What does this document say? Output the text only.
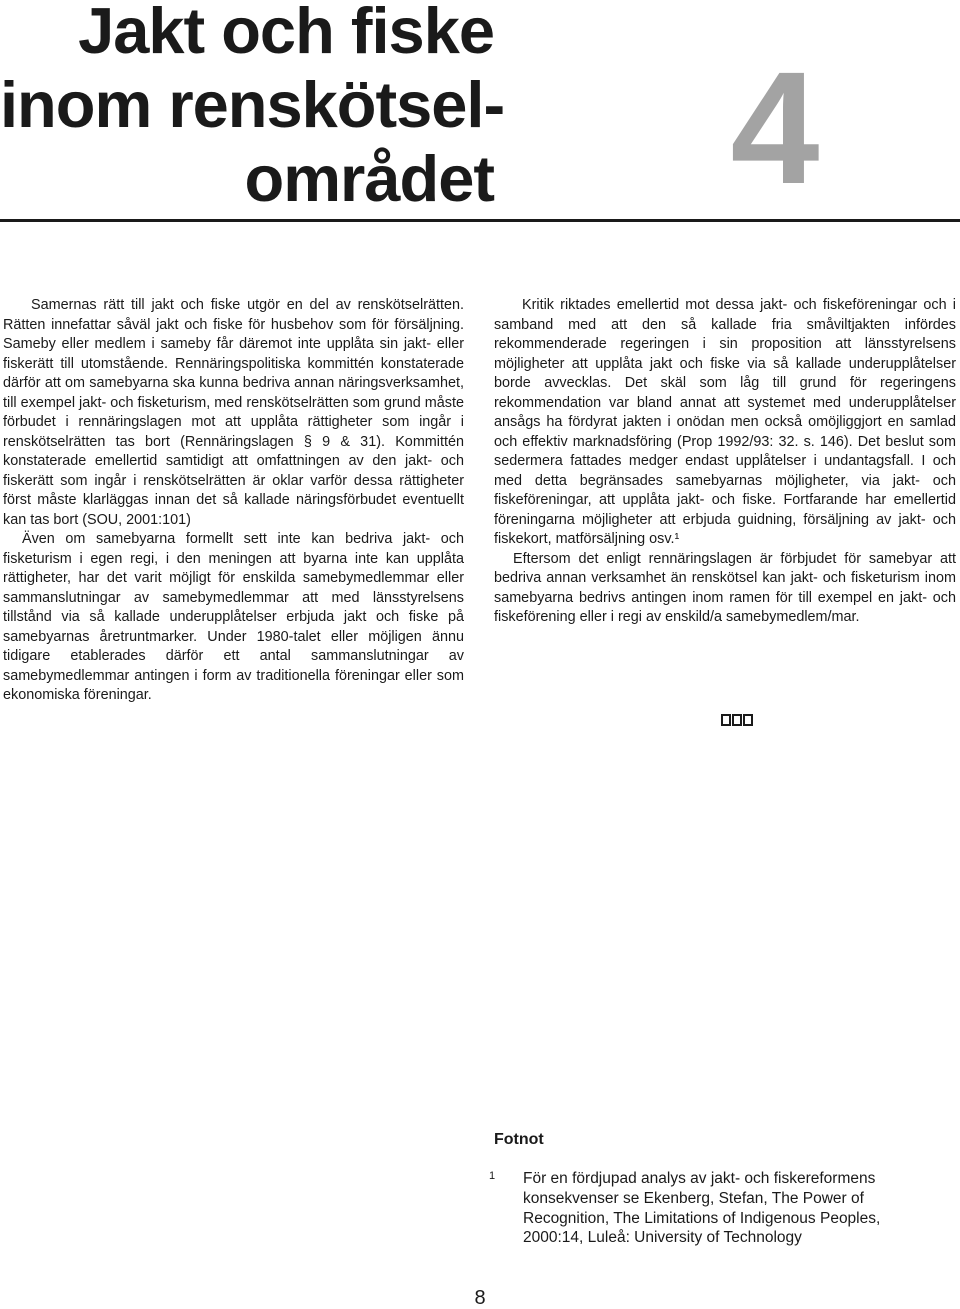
Jakt och fiske
inom renskötsel-
området 4

Samernas rätt till jakt och fiske utgör en del av renskötselrätten. Rätten innefattar såväl jakt och fiske för husbehov som för försäljning. Sameby eller medlem i sameby får däremot inte upplåta sin jakt- eller fiskerätt till utomstående. Rennäringspolitiska kommittén konstaterade därför att om samebyarna ska kunna bedriva annan näringsverksamhet, till exempel jakt- och fisketurism, med renskötselrätten som grund måste förbudet i rennäringslagen mot att upplåta rättigheter som ingår i renskötselrätten tas bort (Rennäringslagen § 9 & 31). Kommittén konstaterade emellertid samtidigt att omfattningen av den jakt- och fiskerätt som ingår i renskötselrätten är oklar varför dessa rättigheter först måste klarläggas innan det så kallade näringsförbudet eventuellt kan tas bort (SOU, 2001:101)

Även om samebyarna formellt sett inte kan bedriva jakt- och fisketurism i egen regi, i den meningen att byarna inte kan upplåta rättigheter, har det varit möjligt för enskilda samebymedlemmar eller sammanslutningar av samebymedlemmar att med länsstyrelsens tillstånd via så kallade underupplåtelser erbjuda jakt och fiske på samebyarnas åretruntmarker. Under 1980-talet eller möjligen ännu tidigare etablerades därför ett antal sammanslutningar av samebymedlemmar antingen i form av traditionella föreningar eller som ekonomiska föreningar.

Kritik riktades emellertid mot dessa jakt- och fiskeföreningar och i samband med att den så kallade fria småviltjakten infördes rekommenderade regeringen i sin proposition att länsstyrelsens möjligheter att upplåta jakt och fiske via så kallade underupplåtelser borde avvecklas. Det skäl som låg till grund för regeringens rekommendation var bland annat att systemet med underupplåtelser ansågs ha fördyrat jakten i onödan men också omöjliggjort en samlad och effektiv marknadsföring (Prop 1992/93: 32. s. 146). Det beslut som sedermera fattades medger endast upplåtelser i undantagsfall. I och med detta begränsades samebyarnas möjligheter, via jakt- och fiskeföreningar, att upplåta jakt- och fiske. Fortfarande har emellertid föreningarna möjligheter att erbjuda guidning, försäljning av jakt- och fiskekort, matförsäljning osv.¹

Eftersom det enligt rennäringslagen är förbjudet för samebyar att bedriva annan verksamhet än renskötsel kan jakt- och fisketurism inom samebyarna bedrivs antingen inom ramen för till exempel en jakt- och fiskeförening eller i regi av enskild/a samebymedlem/mar.

Fotnot
1 För en fördjupad analys av jakt- och fiskereformens konsekvenser se Ekenberg, Stefan, The Power of Recognition, The Limitations of Indigenous Peoples, 2000:14, Luleå: University of Technology
8
